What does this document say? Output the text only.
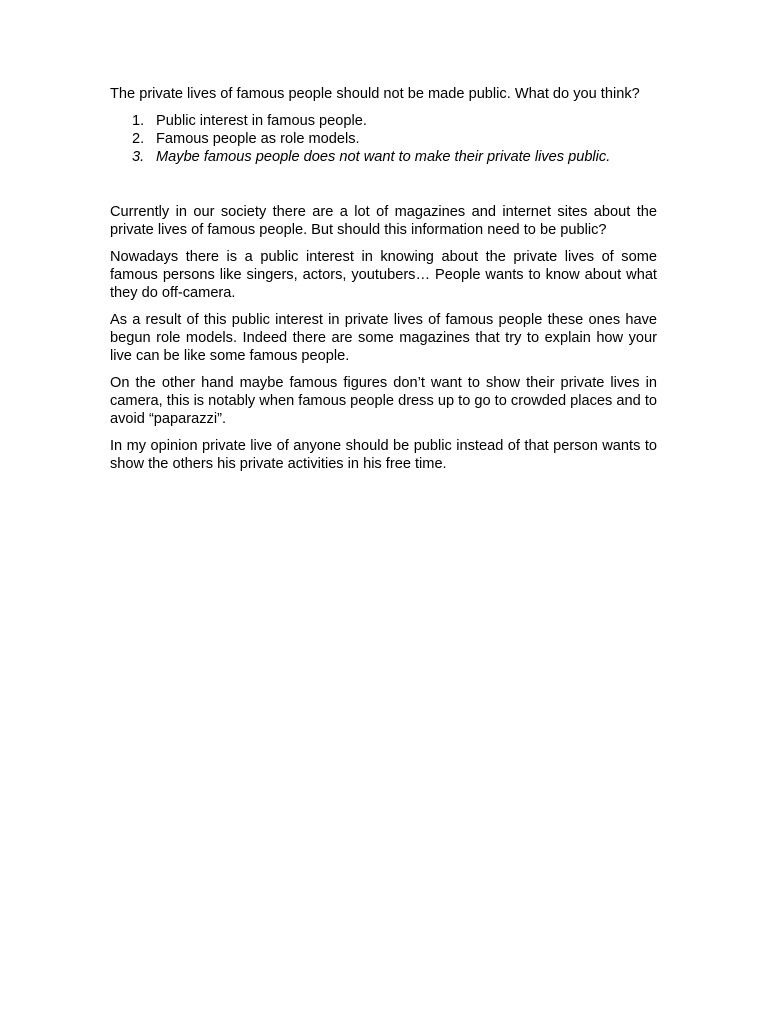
The private lives of famous people should not be made public. What do you think?

1. Public interest in famous people.
2. Famous people as role models.
3. Maybe famous people does not want to make their private lives public.

Currently in our society there are a lot of magazines and internet sites about the private lives of famous people. But should this information need to be public?

Nowadays there is a public interest in knowing about the private lives of some famous persons like singers, actors, youtubers… People wants to know about what they do off-camera.

As a result of this public interest in private lives of famous people these ones have begun role models. Indeed there are some magazines that try to explain how your live can be like some famous people.

On the other hand maybe famous figures don’t want to show their private lives in camera, this is notably when famous people dress up to go to crowded places and to avoid “paparazzi”.

In my opinion private live of anyone should be public instead of that person wants to show the others his private activities in his free time.
